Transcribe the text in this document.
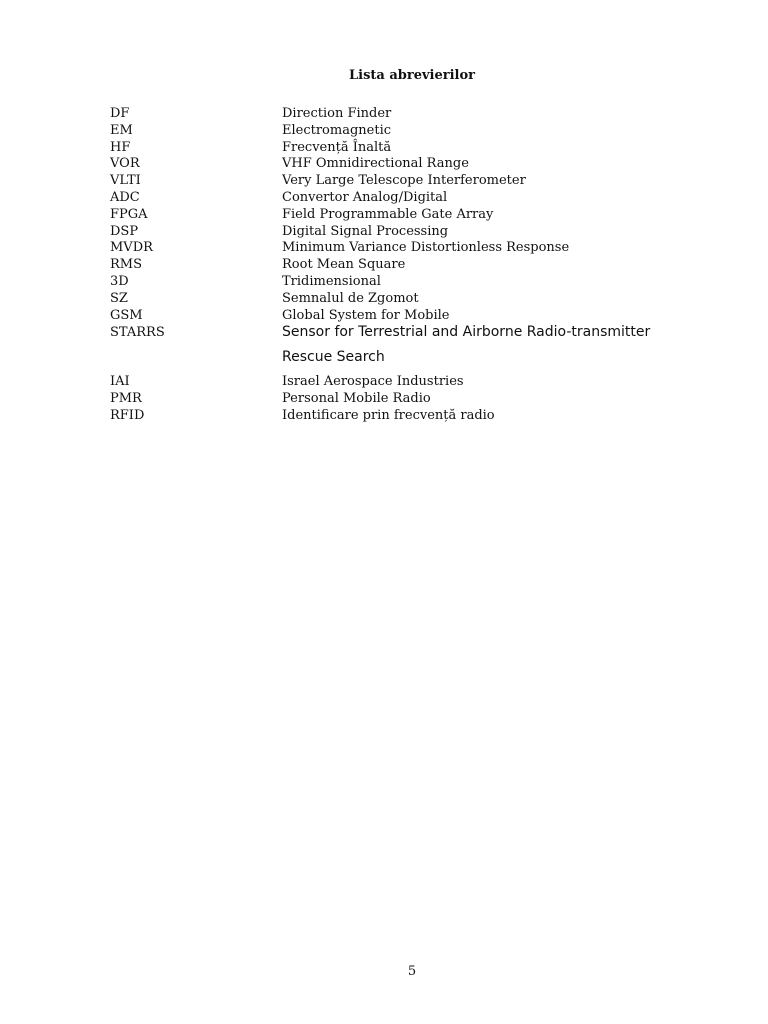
Lista abrevierilor
DF	Direction Finder
EM	Electromagnetic
HF	Frecvență Înaltă
VOR	VHF Omnidirectional Range
VLTI	Very Large Telescope Interferometer
ADC	Convertor Analog/Digital
FPGA	Field Programmable Gate Array
DSP	Digital Signal Processing
MVDR	Minimum Variance Distortionless Response
RMS	Root Mean Square
3D	Tridimensional
SZ	Semnalul de Zgomot
GSM	Global System for Mobile
STARRS	Sensor for Terrestrial and Airborne Radio-transmitter Rescue Search
IAI	Israel Aerospace Industries
PMR	Personal Mobile Radio
RFID	Identificare prin frecvență radio
5
